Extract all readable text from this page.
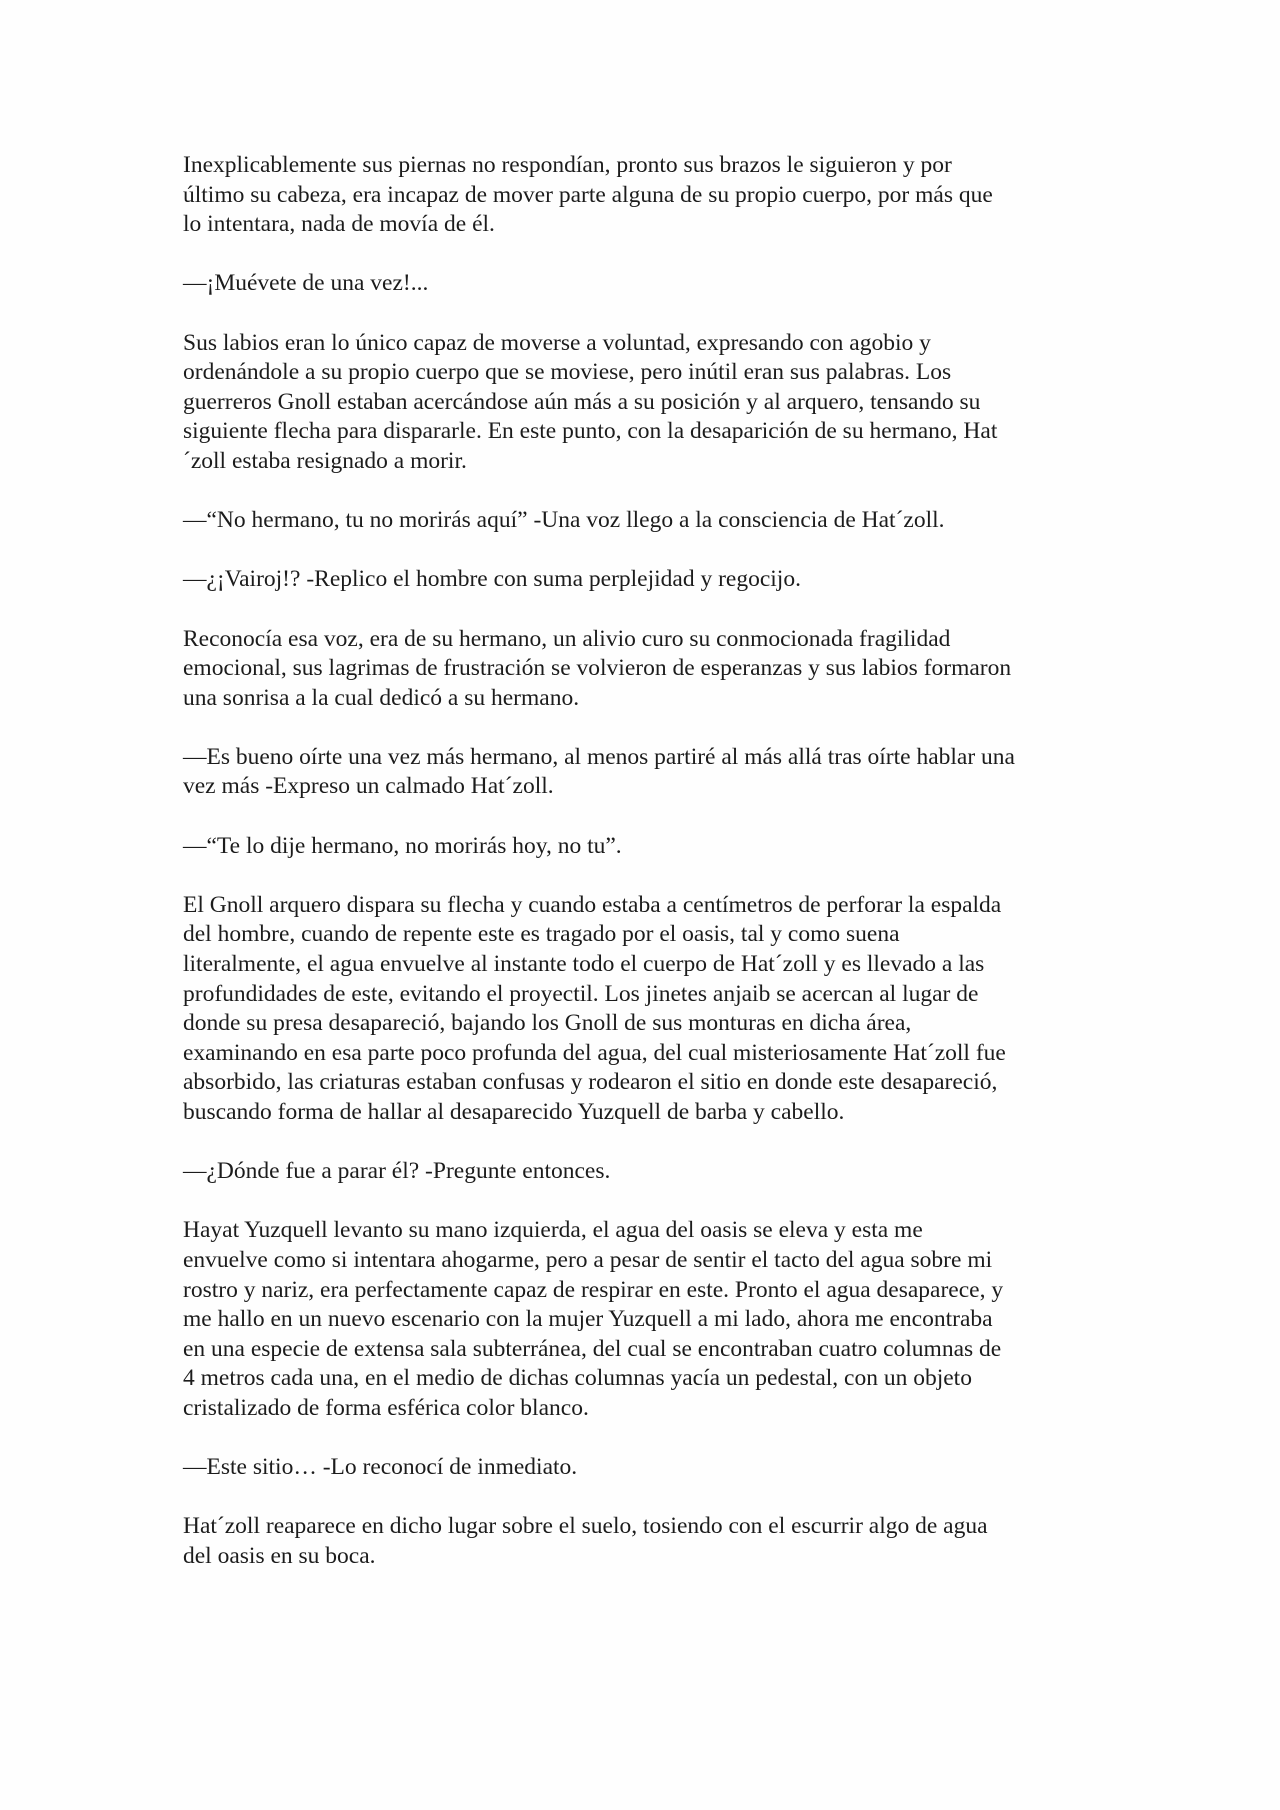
Inexplicablemente sus piernas no respondían, pronto sus brazos le siguieron y por
último su cabeza, era incapaz de mover parte alguna de su propio cuerpo, por más que
lo intentara, nada de movía de él.

—¡Muévete de una vez!...

Sus labios eran lo único capaz de moverse a voluntad, expresando con agobio y
ordenándole a su propio cuerpo que se moviese, pero inútil eran sus palabras. Los
guerreros Gnoll estaban acercándose aún más a su posición y al arquero, tensando su
siguiente flecha para dispararle. En este punto, con la desaparición de su hermano, Hat
´zoll estaba resignado a morir.

—“No hermano, tu no morirás aquí” -Una voz llego a la consciencia de Hat´zoll.

—¿¡Vairoj!? -Replico el hombre con suma perplejidad y regocijo.

Reconocía esa voz, era de su hermano, un alivio curo su conmocionada fragilidad
emocional, sus lagrimas de frustración se volvieron de esperanzas y sus labios formaron
una sonrisa a la cual dedicó a su hermano.

—Es bueno oírte una vez más hermano, al menos partiré al más allá tras oírte hablar una
vez más -Expreso un calmado Hat´zoll.

—“Te lo dije hermano, no morirás hoy, no tu”.

El Gnoll arquero dispara su flecha y cuando estaba a centímetros de perforar la espalda
del hombre, cuando de repente este es tragado por el oasis, tal y como suena
literalmente, el agua envuelve al instante todo el cuerpo de Hat´zoll y es llevado a las
profundidades de este, evitando el proyectil. Los jinetes anjaib se acercan al lugar de
donde su presa desapareció, bajando los Gnoll de sus monturas en dicha área,
examinando en esa parte poco profunda del agua, del cual misteriosamente Hat´zoll fue
absorbido, las criaturas estaban confusas y rodearon el sitio en donde este desapareció,
buscando forma de hallar al desaparecido Yuzquell de barba y cabello.

—¿Dónde fue a parar él? -Pregunte entonces.

Hayat Yuzquell levanto su mano izquierda, el agua del oasis se eleva y esta me
envuelve como si intentara ahogarme, pero a pesar de sentir el tacto del agua sobre mi
rostro y nariz, era perfectamente capaz de respirar en este. Pronto el agua desaparece, y
me hallo en un nuevo escenario con la mujer Yuzquell a mi lado, ahora me encontraba
en una especie de extensa sala subterránea, del cual se encontraban cuatro columnas de
4 metros cada una, en el medio de dichas columnas yacía un pedestal, con un objeto
cristalizado de forma esférica color blanco.

—Este sitio… -Lo reconocí de inmediato.

Hat´zoll reaparece en dicho lugar sobre el suelo, tosiendo con el escurrir algo de agua
del oasis en su boca.
